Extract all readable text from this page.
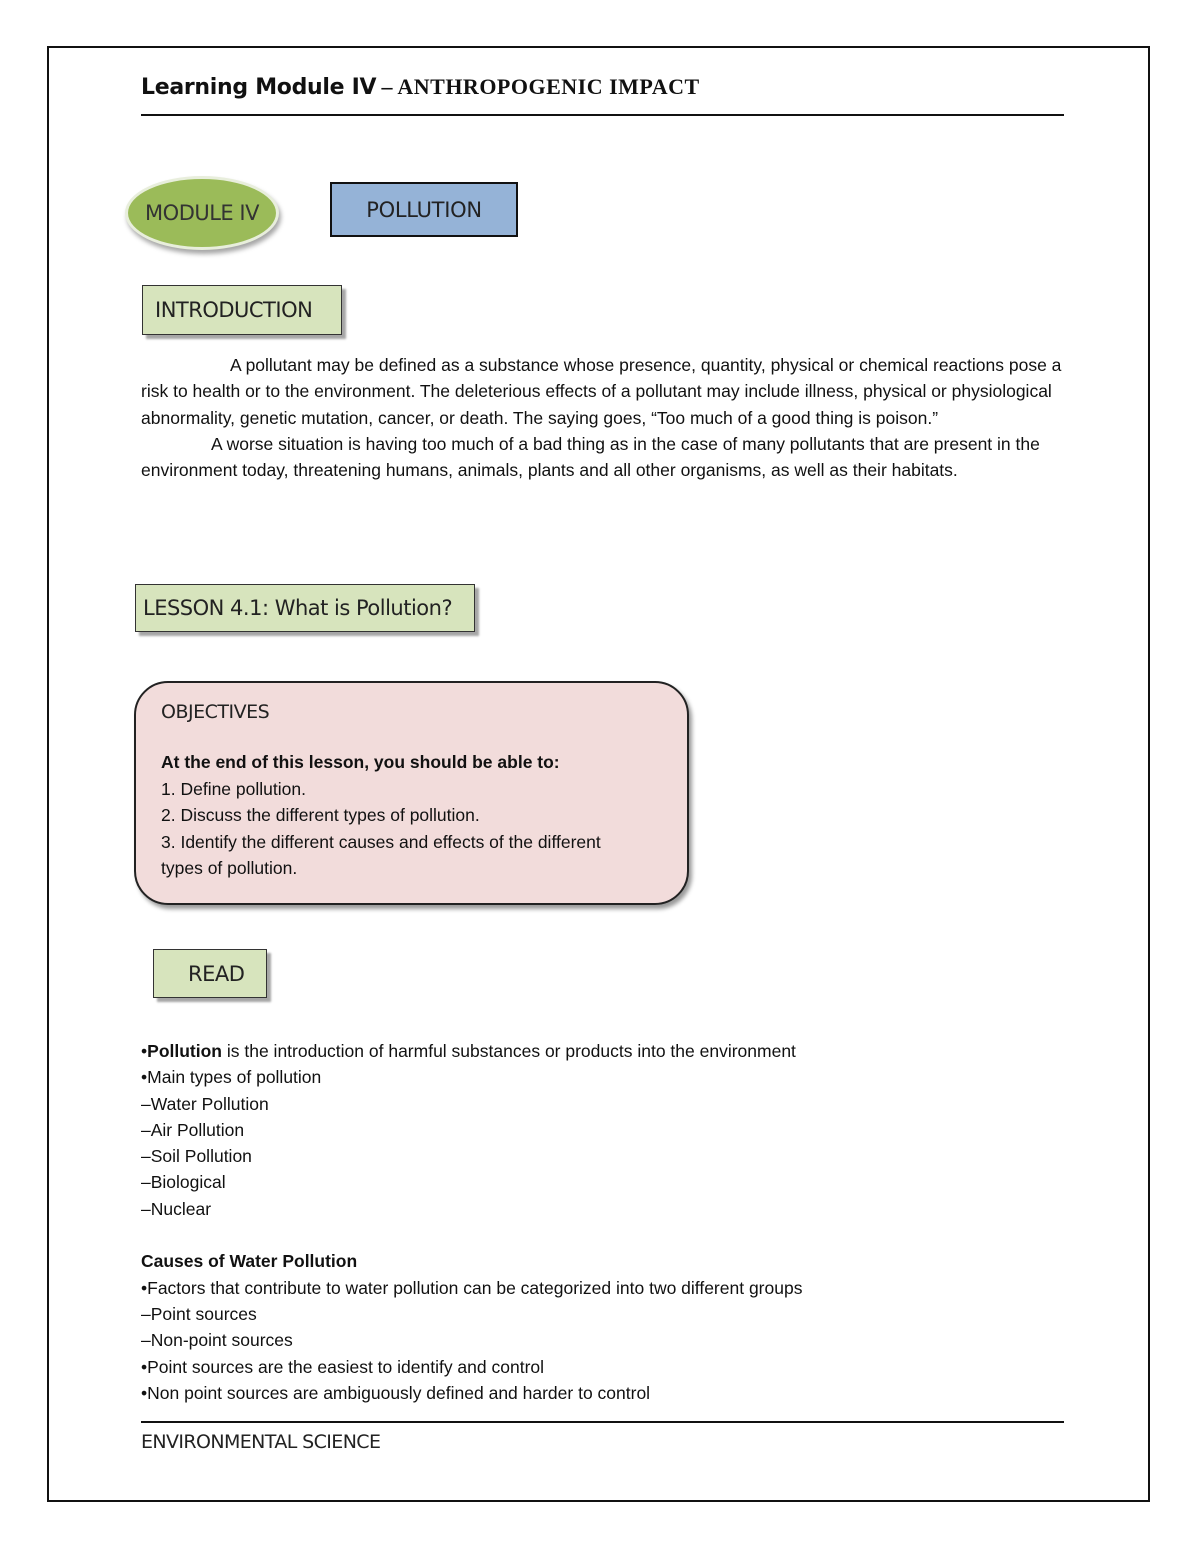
Learning Module IV – ANTHROPOGENIC IMPACT
MODULE IV	POLLUTION
INTRODUCTION

A pollutant may be defined as a substance whose presence, quantity, physical or chemical reactions pose a risk to health or to the environment. The deleterious effects of a pollutant may include illness, physical or physiological abnormality, genetic mutation, cancer, or death. The saying goes, “Too much of a good thing is poison.”

A worse situation is having too much of a bad thing as in the case of many pollutants that are present in the environment today, threatening humans, animals, plants and all other organisms, as well as their habitats.

LESSON 4.1: What is Pollution?
OBJECTIVES
At the end of this lesson, you should be able to:
1. Define pollution.
2. Discuss the different types of pollution.
3. Identify the different causes and effects of the different types of pollution.
READ
•Pollution is the introduction of harmful substances or products into the environment
•Main types of pollution
–Water Pollution
–Air Pollution
–Soil Pollution
–Biological
–Nuclear
Causes of Water Pollution
•Factors that contribute to water pollution can be categorized into two different groups
–Point sources
–Non-point sources
•Point sources are the easiest to identify and control
•Non point sources are ambiguously defined and harder to control
ENVIRONMENTAL SCIENCE
